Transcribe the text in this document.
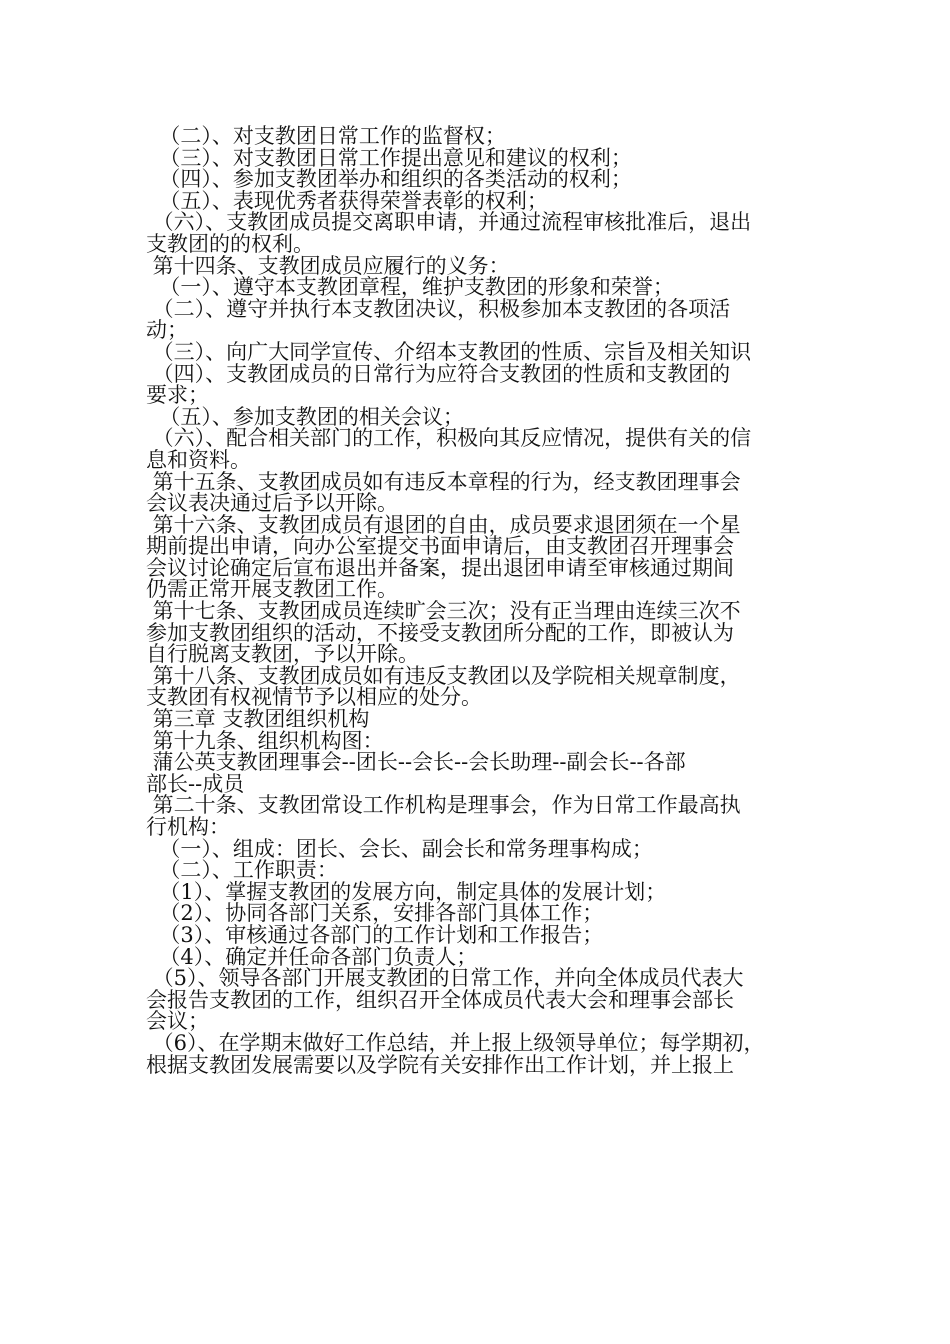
（二）、对支教团日常工作的监督权；
（三）、对支教团日常工作提出意见和建议的权利；
（四）、参加支教团举办和组织的各类活动的权利；
（五）、表现优秀者获得荣誉表彰的权利；
（六）、支教团成员提交离职申请，并通过流程审核批准后，退出
支教团的的权利。
第十四条、支教团成员应履行的义务：
（一）、遵守本支教团章程，维护支教团的形象和荣誉；
（二）、遵守并执行本支教团决议，积极参加本支教团的各项活
动；
（三）、向广大同学宣传、介绍本支教团的性质、宗旨及相关知识
（四）、支教团成员的日常行为应符合支教团的性质和支教团的
要求；
（五）、参加支教团的相关会议；
（六）、配合相关部门的工作，积极向其反应情况，提供有关的信
息和资料。
第十五条、支教团成员如有违反本章程的行为，经支教团理事会
会议表决通过后予以开除。
第十六条、支教团成员有退团的自由，成员要求退团须在一个星
期前提出申请，向办公室提交书面申请后，由支教团召开理事会
会议讨论确定后宣布退出并备案，提出退团申请至审核通过期间
仍需正常开展支教团工作。
第十七条、支教团成员连续旷会三次；没有正当理由连续三次不
参加支教团组织的活动，不接受支教团所分配的工作，即被认为
自行脱离支教团，予以开除。
第十八条、支教团成员如有违反支教团以及学院相关规章制度，
支教团有权视情节予以相应的处分。
第三章 支教团组织机构
第十九条、组织机构图：
蒲公英支教团理事会--团长--会长--会长助理--副会长--各部
部长--成员
第二十条、支教团常设工作机构是理事会，作为日常工作最高执
行机构：
（一）、组成：团长、会长、副会长和常务理事构成；
（二）、工作职责：
（1）、掌握支教团的发展方向，制定具体的发展计划；
（2）、协同各部门关系，安排各部门具体工作；
（3）、审核通过各部门的工作计划和工作报告；
（4）、确定并任命各部门负责人；
（5）、领导各部门开展支教团的日常工作，并向全体成员代表大
会报告支教团的工作，组织召开全体成员代表大会和理事会部长
会议；
（6）、在学期末做好工作总结，并上报上级领导单位；每学期初，
根据支教团发展需要以及学院有关安排作出工作计划，并上报上
